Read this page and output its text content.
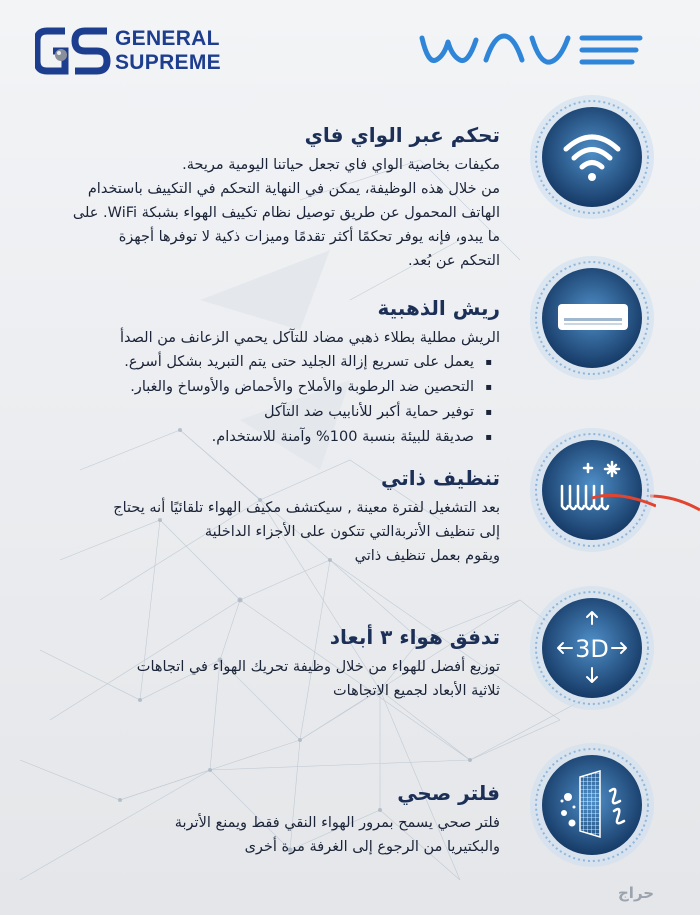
GENERAL
SUPREME
تحكم عبر الواي فاي

مكيفات بخاصية الواي فاي تجعل حياتنا اليومية مريحة.

من خلال هذه الوظيفة، يمكن في النهاية التحكم في التكييف باستخدام

الهاتف المحمول عن طريق توصيل نظام تكييف الهواء بشبكة WiFi. على

ما يبدو، فإنه يوفر تحكمًا أكثر تقدمًا وميزات ذكية لا توفرها أجهزة

التحكم عن بُعد.

ريش الذهبية

الريش مطلية بطلاء ذهبي مضاد للتآكل يحمي الزعانف من الصدأ

▪ يعمل على تسريع إزالة الجليد حتى يتم التبريد بشكل أسرع.
▪ التحصين ضد الرطوبة والأملاح والأحماض والأوساخ والغبار.
▪ توفير حماية أكبر للأنابيب ضد التآكل
▪ صديقة للبيئة بنسبة 100% وآمنة للاستخدام.
تنظيف ذاتي

بعد التشغيل لفترة معينة , سيكتشف مكيف الهواء تلقائيًا أنه يحتاج

إلى تنظيف الأتربةالتي تتكون على الأجزاء الداخلية

ويقوم بعمل تنظيف ذاتي

تدفق هواء ٣ أبعاد

توزيع أفضل للهواء من خلال وظيفة تحريك الهواء في اتجاهات

ثلاثية الأبعاد لجميع الاتجاهات

3D
فلتر صحي

فلتر صحي يسمح بمرور الهواء النقي فقط ويمنع الأتربة

والبكتيريا من الرجوع إلى الغرفة مرة أخرى

حراج
